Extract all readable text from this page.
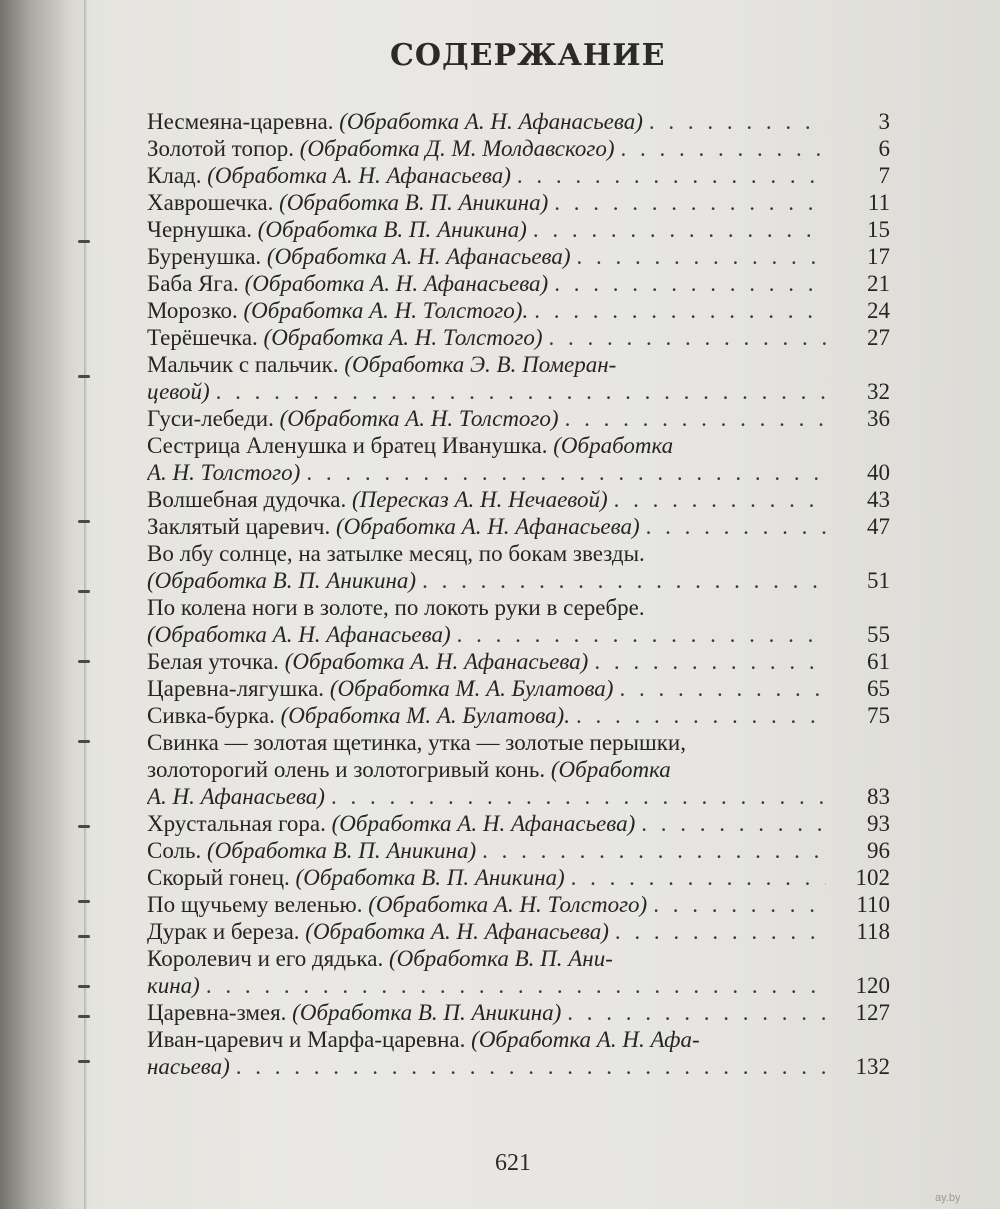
СОДЕРЖАНИЕ
Несмеяна-царевна. (Обработка А. Н. Афанасьева) . . .	3
Золотой топор. (Обработка Д. М. Молдавского) . . .	6
Клад. (Обработка А. Н. Афанасьева) . . .	7
Хаврошечка. (Обработка В. П. Аникина) . . .	11
Чернушка. (Обработка В. П. Аникина) . . .	15
Буренушка. (Обработка А. Н. Афанасьева) . . .	17
Баба Яга. (Обработка А. Н. Афанасьева) . . .	21
Морозко. (Обработка А. Н. Толстого). . . .	24
Терёшечка. (Обработка А. Н. Толстого) . . .	27
Мальчик с пальчик. (Обработка Э. В. Померан-
цевой) . . .	32
Гуси-лебеди. (Обработка А. Н. Толстого) . . .	36
Сестрица Аленушка и братец Иванушка. (Обработка
А. Н. Толстого) . . .	40
Волшебная дудочка. (Пересказ А. Н. Нечаевой) . . .	43
Заклятый царевич. (Обработка А. Н. Афанасьева) . . .	47
Во лбу солнце, на затылке месяц, по бокам звезды.
(Обработка В. П. Аникина) . . .	51
По колена ноги в золоте, по локоть руки в серебре.
(Обработка А. Н. Афанасьева) . . .	55
Белая уточка. (Обработка А. Н. Афанасьева) . . .	61
Царевна-лягушка. (Обработка М. А. Булатова) . . .	65
Сивка-бурка. (Обработка М. А. Булатова). . . .	75
Свинка — золотая щетинка, утка — золотые перышки,
золоторогий олень и золотогривый конь. (Обработка
А. Н. Афанасьева) . . .	83
Хрустальная гора. (Обработка А. Н. Афанасьева) . . .	93
Соль. (Обработка В. П. Аникина) . . .	96
Скорый гонец. (Обработка В. П. Аникина) . . .	102
По щучьему веленью. (Обработка А. Н. Толстого) . . .	110
Дурак и береза. (Обработка А. Н. Афанасьева) . . .	118
Королевич и его дядька. (Обработка В. П. Ани-
кина) . . .	120
Царевна-змея. (Обработка В. П. Аникина) . . .	127
Иван-царевич и Марфа-царевна. (Обработка А. Н. Афа-
насьева) . . .	132
621
ay.by
